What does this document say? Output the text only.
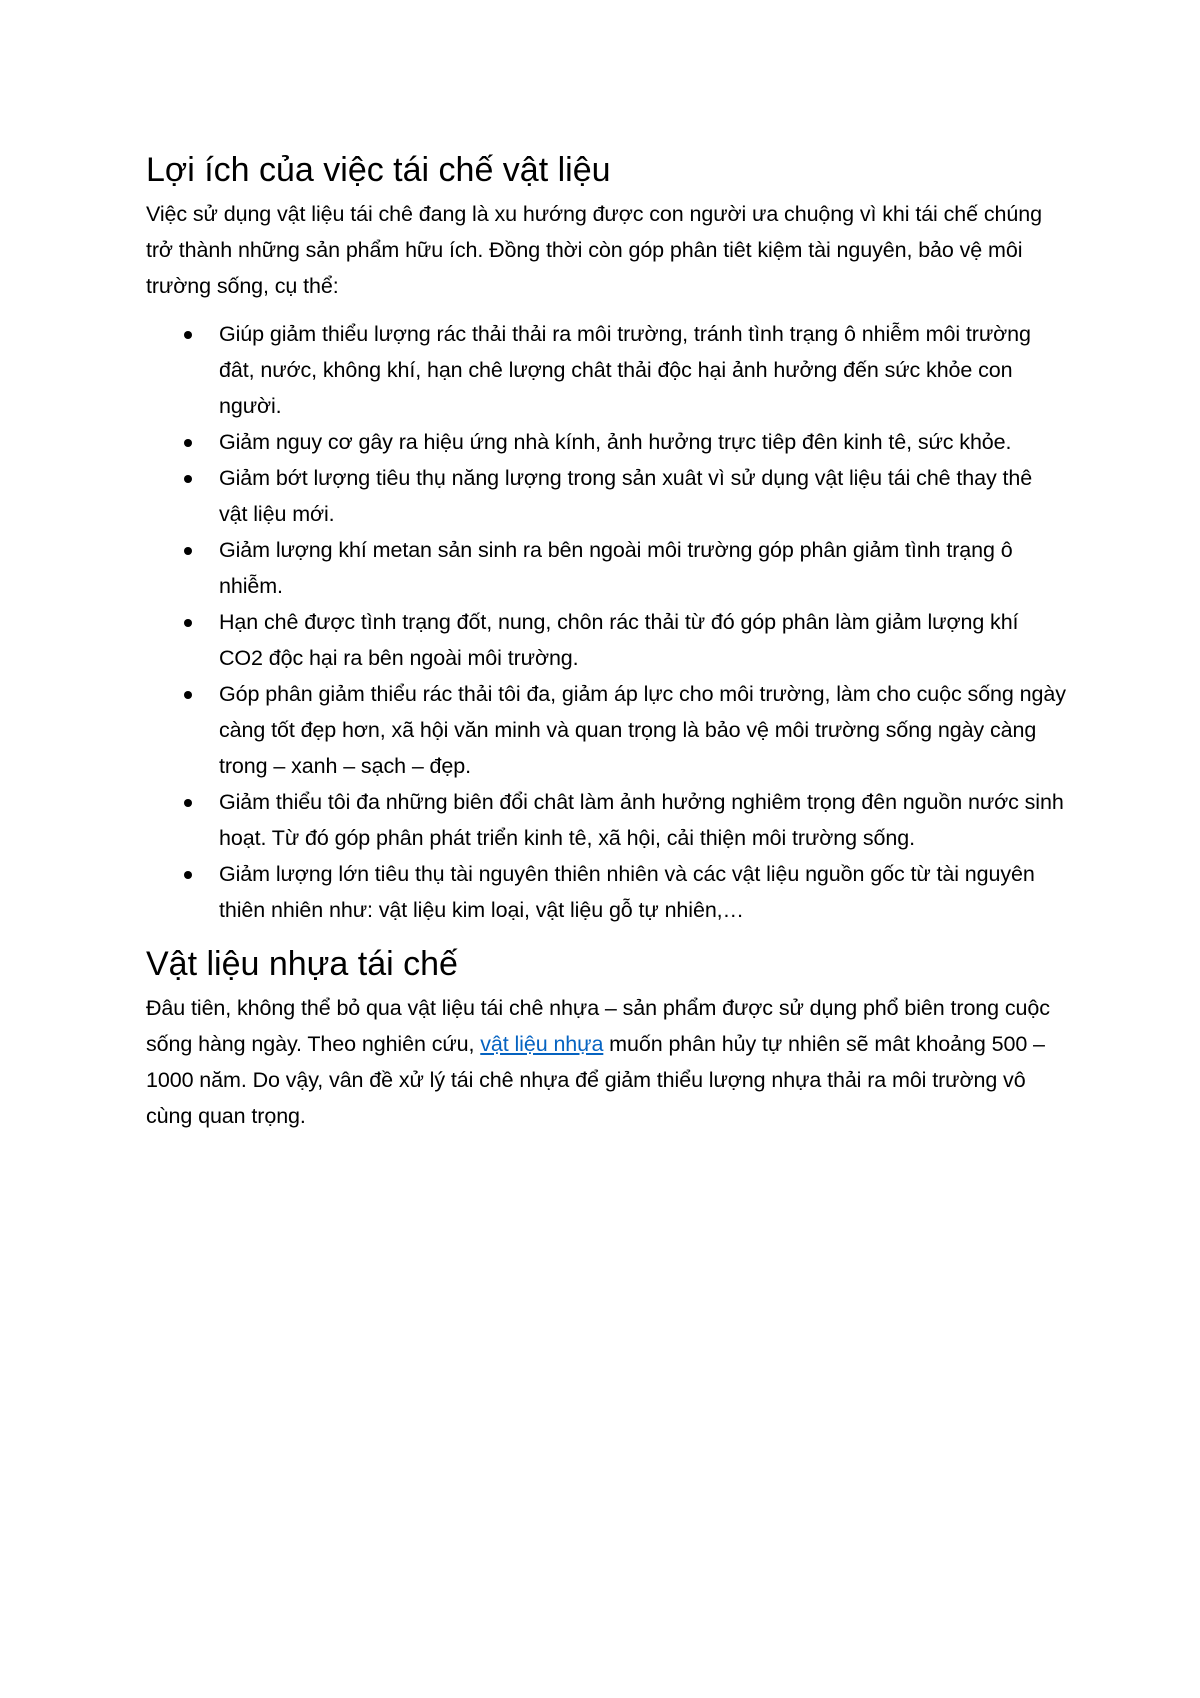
Lợi ích của việc tái chế vật liệu

Việc sử dụng vật liệu tái chê đang là xu hướng được con người ưa chuộng vì khi tái chế chúng trở thành những sản phẩm hữu ích. Đồng thời còn góp phân tiêt kiệm tài nguyên, bảo vệ môi trường sống, cụ thể:

Giúp giảm thiểu lượng rác thải thải ra môi trường, tránh tình trạng ô nhiễm môi trường đât, nước, không khí, hạn chê lượng chât thải độc hại ảnh hưởng đến sức khỏe con người.
Giảm nguy cơ gây ra hiệu ứng nhà kính, ảnh hưởng trực tiêp đên kinh tê, sức khỏe.
Giảm bớt lượng tiêu thụ năng lượng trong sản xuât vì sử dụng vật liệu tái chê thay thê vật liệu mới.
Giảm lượng khí metan sản sinh ra bên ngoài môi trường góp phân giảm tình trạng ô nhiễm.
Hạn chê được tình trạng đốt, nung, chôn rác thải từ đó góp phân làm giảm lượng khí CO2 độc hại ra bên ngoài môi trường.
Góp phân giảm thiểu rác thải tôi đa, giảm áp lực cho môi trường, làm cho cuộc sống ngày càng tốt đẹp hơn, xã hội văn minh và quan trọng là bảo vệ môi trường sống ngày càng trong – xanh – sạch – đẹp.
Giảm thiểu tôi đa những biên đổi chât làm ảnh hưởng nghiêm trọng đên nguồn nước sinh hoạt. Từ đó góp phân phát triển kinh tê, xã hội, cải thiện môi trường sống.
Giảm lượng lớn tiêu thụ tài nguyên thiên nhiên và các vật liệu nguồn gốc từ tài nguyên thiên nhiên như: vật liệu kim loại, vật liệu gỗ tự nhiên,…
Vật liệu nhựa tái chế

Đâu tiên, không thể bỏ qua vật liệu tái chê nhựa – sản phẩm được sử dụng phổ biên trong cuộc sống hàng ngày. Theo nghiên cứu, vật liệu nhựa muốn phân hủy tự nhiên sẽ mât khoảng 500 – 1000 năm. Do vậy, vân đề xử lý tái chê nhựa để giảm thiểu lượng nhựa thải ra môi trường vô cùng quan trọng.
